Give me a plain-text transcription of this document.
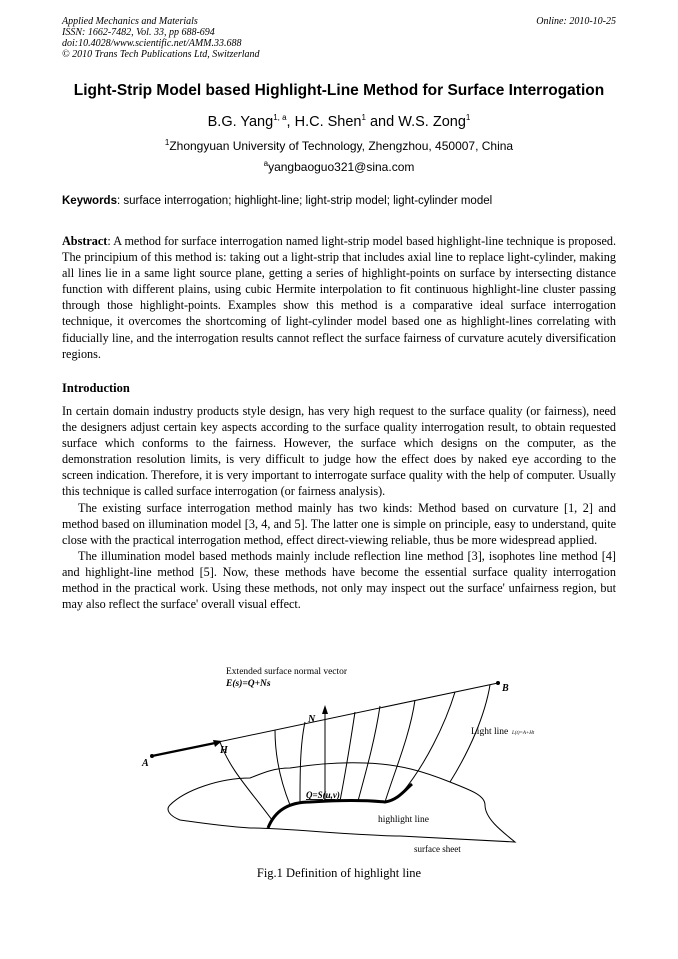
Applied Mechanics and Materials
ISSN: 1662-7482, Vol. 33, pp 688-694
doi:10.4028/www.scientific.net/AMM.33.688
© 2010 Trans Tech Publications Ltd, Switzerland
Online: 2010-10-25
Light-Strip Model based Highlight-Line Method for Surface Interrogation
B.G. Yang$^{1, a}$, H.C. Shen$^1$ and W.S. Zong$^1$
$^1$Zhongyuan University of Technology, Zhengzhou, 450007, China
$^a$yangbaoguo321@sina.com
Keywords: surface interrogation; highlight-line; light-strip model; light-cylinder model
Abstract: A method for surface interrogation named light-strip model based highlight-line technique is proposed. The principium of this method is: taking out a light-strip that includes axial line to replace light-cylinder, making all lines lie in a same light source plane, getting a series of highlight-points on surface by intersecting distance function with different plains, using cubic Hermite interpolation to fit continuous highlight-line cluster passing through those highlight-points. Examples show this method is a comparative ideal surface interrogation technique, it overcomes the shortcoming of light-cylinder model based one as highlight-lines correlating with fiducially line, and the interrogation results cannot reflect the surface fairness of curvature acutely diversification regions.
Introduction

In certain domain industry products style design, has very high request to the surface quality (or fairness), need the designers adjust certain key aspects according to the surface quality interrogation result, to obtain requested surface which conforms to the fairness. However, the surface which designs on the computer, as the demonstration resolution limits, is very difficult to judge how the effect does by naked eye according to the screen indication. Therefore, it is very important to interrogate surface quality with the help of computer. Usually this technique is called surface interrogation (or fairness analysis).

The existing surface interrogation method mainly has two kinds: Method based on curvature [1, 2] and method based on illumination model [3, 4, and 5]. The latter one is simple on principle, easy to understand, quite close with the practical interrogation method, effect direct-viewing reliable, thus be more widespread applied.

The illumination model based methods mainly include reflection line method [3], isophotes line method [4] and highlight-line method [5]. Now, these methods have become the essential surface quality interrogation method in the practical work. Using these methods, not only may inspect out the surface' unfairness region, but may also reflect the surface' overall visual effect.

Extended surface normal vector
E(s)=Q+Ns	B
A
N
H
Light line L(t)=A+Ht
Q=S(u,v)
highlight line
surface sheet
Fig.1 Definition of highlight line
